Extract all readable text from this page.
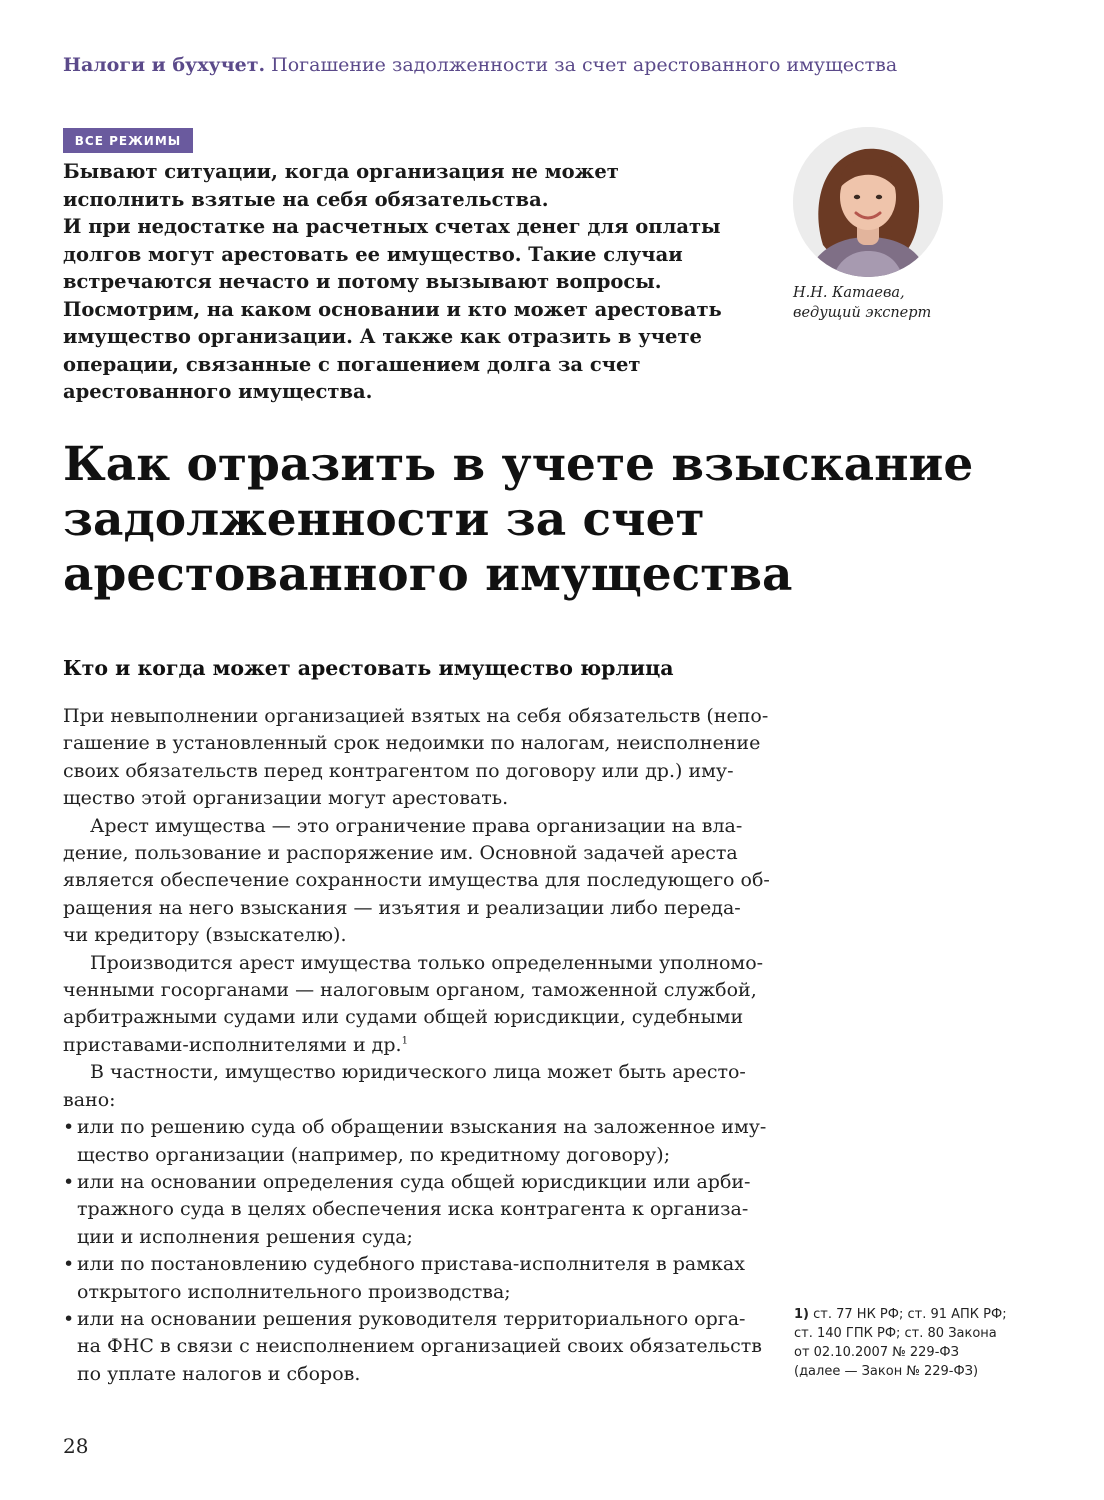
Налоги и бухучет. Погашение задолженности за счет арестованного имущества
ВСЕ РЕЖИМЫ

Бывают ситуации, когда организация не может

исполнить взятые на себя обязательства.

И при недостатке на расчетных счетах денег для оплаты

долгов могут арестовать ее имущество. Такие случаи

встречаются нечасто и потому вызывают вопросы.

Посмотрим, на каком основании и кто может арестовать

имущество организации. А также как отразить в учете

операции, связанные с погашением долга за счет

арестованного имущества.

Н.Н. Катаева,
ведущий эксперт
Как отразить в учете взыскание
задолженности за счет
арестованного имущества
Кто и когда может арестовать имущество юрлица

При невыполнении организацией взятых на себя обязательств (непо-
гашение в установленный срок недоимки по налогам, неисполнение
своих обязательств перед контрагентом по договору или др.) иму-
щество этой организации могут арестовать.

Арест имущества — это ограничение права организации на вла-
дение, пользование и распоряжение им. Основной задачей ареста
является обеспечение сохранности имущества для последующего об-
ращения на него взыскания — изъятия и реализации либо переда-
чи кредитору (взыскателю).

Производится арест имущества только определенными уполномо-
ченными госорганами — налоговым органом, таможенной службой,
арбитражными судами или судами общей юрисдикции, судебными
приставами-исполнителями и др.$^1$

В частности, имущество юридического лица может быть аресто-
вано:

• или по решению суда об обращении взыскания на заложенное иму-
щество организации (например, по кредитному договору);
• или на основании определения суда общей юрисдикции или арби-
тражного суда в целях обеспечения иска контрагента к организа-
ции и исполнения решения суда;
• или по постановлению судебного пристава-исполнителя в рамках
открытого исполнительного производства;
• или на основании решения руководителя территориального орга-
на ФНС в связи с неисполнением организацией своих обязательств
по уплате налогов и сборов.
1) ст. 77 НК РФ; ст. 91 АПК РФ;
ст. 140 ГПК РФ; ст. 80 Закона
от 02.10.2007 № 229-ФЗ
(далее — Закон № 229-ФЗ)
28
